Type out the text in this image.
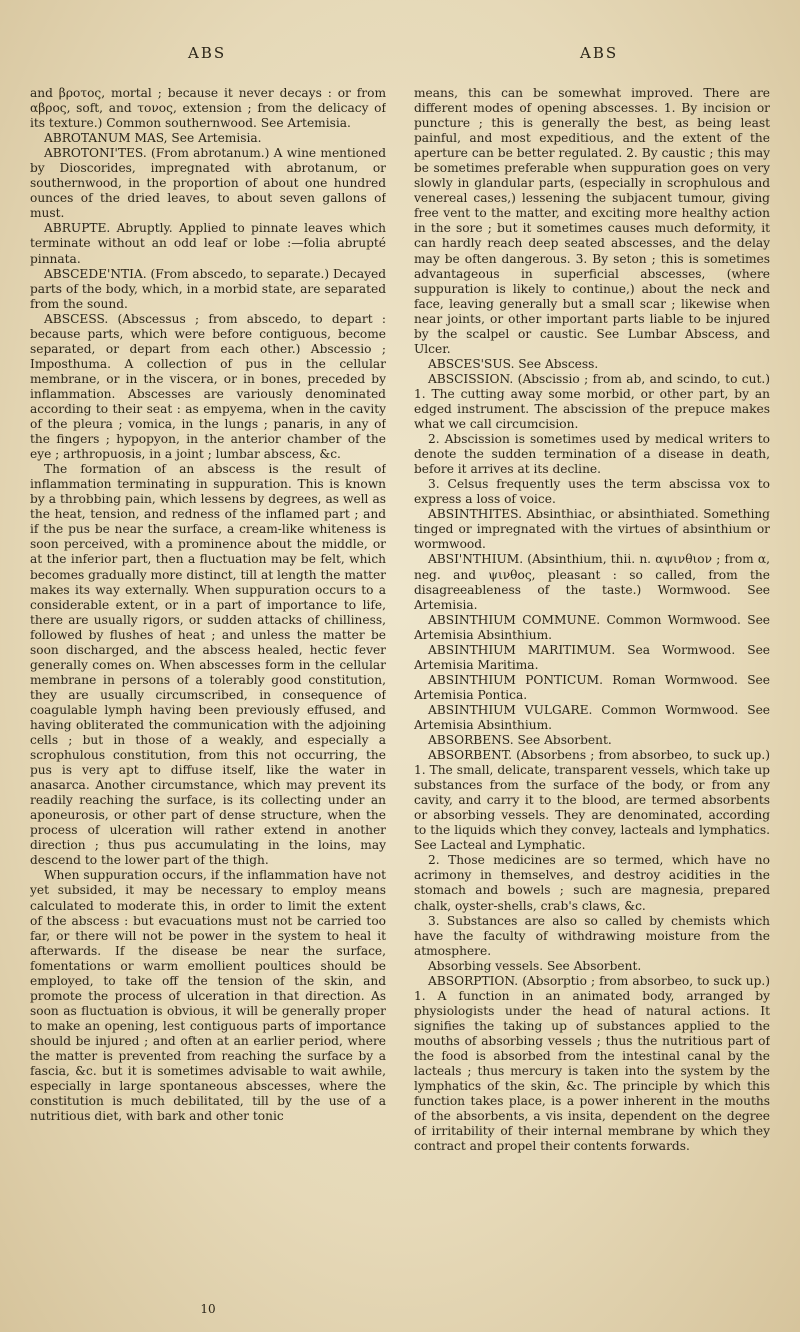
ABS	ABS

and βροτος, mortal ; because it never decays : or from αβρος, soft, and τονος, extension ; from the delicacy of its texture.) Common southernwood. See Artemisia.

ABROTANUM MAS, See Artemisia.

ABROTONI'TES. (From abrotanum.) A wine mentioned by Dioscorides, impregnated with abrotanum, or southernwood, in the proportion of about one hundred ounces of the dried leaves, to about seven gallons of must.

ABRUPTE. Abruptly. Applied to pinnate leaves which terminate without an odd leaf or lobe :—folia abrupté pinnata.

ABSCEDE'NTIA. (From abscedo, to separate.) Decayed parts of the body, which, in a morbid state, are separated from the sound.

ABSCESS. (Abscessus ; from abscedo, to depart : because parts, which were before contiguous, become separated, or depart from each other.) Abscessio ; Imposthuma. A collection of pus in the cellular membrane, or in the viscera, or in bones, preceded by inflammation. Abscesses are variously denominated according to their seat : as empyema, when in the cavity of the pleura ; vomica, in the lungs ; panaris, in any of the fingers ; hypopyon, in the anterior chamber of the eye ; arthropuosis, in a joint ; lumbar abscess, &c.

The formation of an abscess is the result of inflammation terminating in suppuration. This is known by a throbbing pain, which lessens by degrees, as well as the heat, tension, and redness of the inflamed part ; and if the pus be near the surface, a cream-like whiteness is soon perceived, with a prominence about the middle, or at the inferior part, then a fluctuation may be felt, which becomes gradually more distinct, till at length the matter makes its way externally. When suppuration occurs to a considerable extent, or in a part of importance to life, there are usually rigors, or sudden attacks of chilliness, followed by flushes of heat ; and unless the matter be soon discharged, and the abscess healed, hectic fever generally comes on. When abscesses form in the cellular membrane in persons of a tolerably good constitution, they are usually circumscribed, in consequence of coagulable lymph having been previously effused, and having obliterated the communication with the adjoining cells ; but in those of a weakly, and especially a scrophulous constitution, from this not occurring, the pus is very apt to diffuse itself, like the water in anasarca. Another circumstance, which may prevent its readily reaching the surface, is its collecting under an aponeurosis, or other part of dense structure, when the process of ulceration will rather extend in another direction ; thus pus accumulating in the loins, may descend to the lower part of the thigh.

When suppuration occurs, if the inflammation have not yet subsided, it may be necessary to employ means calculated to moderate this, in order to limit the extent of the abscess : but evacuations must not be carried too far, or there will not be power in the system to heal it afterwards. If the disease be near the surface, fomentations or warm emollient poultices should be employed, to take off the tension of the skin, and promote the process of ulceration in that direction. As soon as fluctuation is obvious, it will be generally proper to make an opening, lest contiguous parts of importance should be injured ; and often at an earlier period, where the matter is prevented from reaching the surface by a fascia, &c. but it is sometimes advisable to wait awhile, especially in large spontaneous abscesses, where the constitution is much debilitated, till by the use of a nutritious diet, with bark and other tonic

means, this can be somewhat improved. There are different modes of opening abscesses. 1. By incision or puncture ; this is generally the best, as being least painful, and most expeditious, and the extent of the aperture can be better regulated. 2. By caustic ; this may be sometimes preferable when suppuration goes on very slowly in glandular parts, (especially in scrophulous and venereal cases,) lessening the subjacent tumour, giving free vent to the matter, and exciting more healthy action in the sore ; but it sometimes causes much deformity, it can hardly reach deep seated abscesses, and the delay may be often dangerous. 3. By seton ; this is sometimes advantageous in superficial abscesses, (where suppuration is likely to continue,) about the neck and face, leaving generally but a small scar ; likewise when near joints, or other important parts liable to be injured by the scalpel or caustic. See Lumbar Abscess, and Ulcer.

ABSCES'SUS. See Abscess.

ABSCISSION. (Abscissio ; from ab, and scindo, to cut.) 1. The cutting away some morbid, or other part, by an edged instrument. The abscission of the prepuce makes what we call circumcision.

2. Abscission is sometimes used by medical writers to denote the sudden termination of a disease in death, before it arrives at its decline.

3. Celsus frequently uses the term abscissa vox to express a loss of voice.

ABSINTHITES. Absinthiac, or absinthiated. Something tinged or impregnated with the virtues of absinthium or wormwood.

ABSI'NTHIUM. (Absinthium, thii. n. αψινθιον ; from α, neg. and ψινθος, pleasant : so called, from the disagreeableness of the taste.) Wormwood. See Artemisia.

ABSINTHIUM COMMUNE. Common Wormwood. See Artemisia Absinthium.

ABSINTHIUM MARITIMUM. Sea Wormwood. See Artemisia Maritima.

ABSINTHIUM PONTICUM. Roman Wormwood. See Artemisia Pontica.

ABSINTHIUM VULGARE. Common Wormwood. See Artemisia Absinthium.

ABSORBENS. See Absorbent.

ABSORBENT. (Absorbens ; from absorbeo, to suck up.) 1. The small, delicate, transparent vessels, which take up substances from the surface of the body, or from any cavity, and carry it to the blood, are termed absorbents or absorbing vessels. They are denominated, according to the liquids which they convey, lacteals and lymphatics. See Lacteal and Lymphatic.

2. Those medicines are so termed, which have no acrimony in themselves, and destroy acidities in the stomach and bowels ; such are magnesia, prepared chalk, oyster-shells, crab's claws, &c.

3. Substances are also so called by chemists which have the faculty of withdrawing moisture from the atmosphere.

Absorbing vessels. See Absorbent.

ABSORPTION. (Absorptio ; from absorbeo, to suck up.) 1. A function in an animated body, arranged by physiologists under the head of natural actions. It signifies the taking up of substances applied to the mouths of absorbing vessels ; thus the nutritious part of the food is absorbed from the intestinal canal by the lacteals ; thus mercury is taken into the system by the lymphatics of the skin, &c. The principle by which this function takes place, is a power inherent in the mouths of the absorbents, a vis insita, dependent on the degree of irritability of their internal membrane by which they contract and propel their contents forwards.

10
